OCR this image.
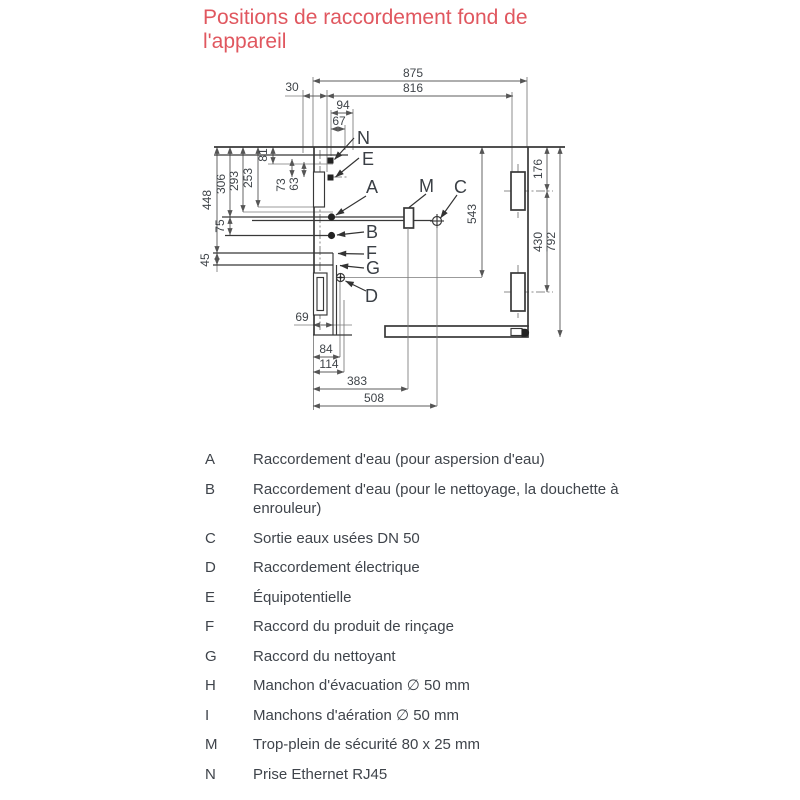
Positions de raccordement fond de
l'appareil
875
816
30
94
67
81
73 63
448
306 293 253
75
45
176
430 792
543
69
84
114
383
508
N
E
A M C
B
F
G
D
A	Raccordement d'eau (pour aspersion d'eau)
B	Raccordement d'eau (pour le nettoyage, la douchette à enrouleur)
C	Sortie eaux usées DN 50
D	Raccordement électrique
E	Équipotentielle
F	Raccord du produit de rinçage
G	Raccord du nettoyant
H	Manchon d'évacuation ∅ 50 mm
I	Manchons d'aération ∅ 50 mm
M	Trop-plein de sécurité 80 x 25 mm
N	Prise Ethernet RJ45
